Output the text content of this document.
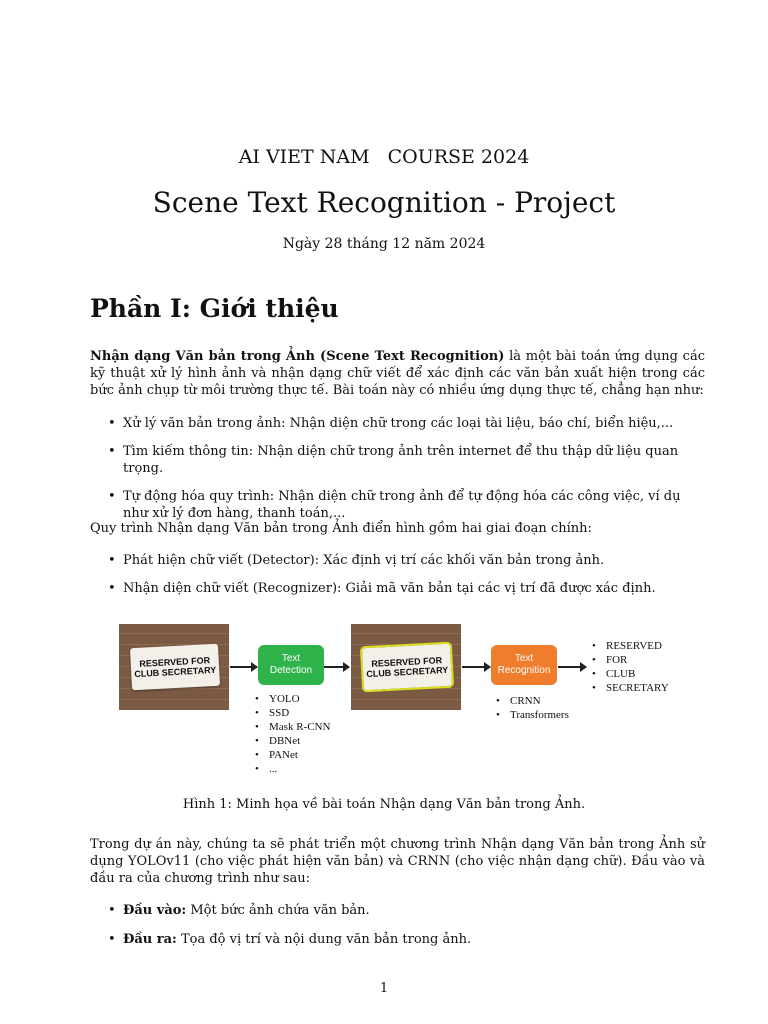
AI VIET NAM COURSE 2024
Scene Text Recognition - Project
Ngày 28 tháng 12 năm 2024
Phần I: Giới thiệu
Nhận dạng Văn bản trong Ảnh (Scene Text Recognition) là một bài toán ứng dụng các kỹ thuật xử lý hình ảnh và nhận dạng chữ viết để xác định các văn bản xuất hiện trong các bức ảnh chụp từ môi trường thực tế. Bài toán này có nhiều ứng dụng thực tế, chẳng hạn như:
• Xử lý văn bản trong ảnh: Nhận diện chữ trong các loại tài liệu, báo chí, biển hiệu,...
• Tìm kiếm thông tin: Nhận diện chữ trong ảnh trên internet để thu thập dữ liệu quan trọng.
• Tự động hóa quy trình: Nhận diện chữ trong ảnh để tự động hóa các công việc, ví dụ như xử lý đơn hàng, thanh toán,...
Quy trình Nhận dạng Văn bản trong Ảnh điển hình gồm hai giai đoạn chính:
• Phát hiện chữ viết (Detector): Xác định vị trí các khối văn bản trong ảnh.
• Nhận diện chữ viết (Recognizer): Giải mã văn bản tại các vị trí đã được xác định.
RESERVED FOR
CLUB SECRETARY
Text
Detection
RESERVED FOR
CLUB SECRETARY
Text
Recognition
• RESERVED
• FOR
• CLUB
• SECRETARY
• YOLO
• SSD
• Mask R-CNN
• DBNet
• PANet
• ...
• CRNN
• Transformers
Hình 1: Minh họa về bài toán Nhận dạng Văn bản trong Ảnh.
Trong dự án này, chúng ta sẽ phát triển một chương trình Nhận dạng Văn bản trong Ảnh sử dụng YOLOv11 (cho việc phát hiện văn bản) và CRNN (cho việc nhận dạng chữ). Đầu vào và đầu ra của chương trình như sau:
• Đầu vào: Một bức ảnh chứa văn bản.
• Đầu ra: Tọa độ vị trí và nội dung văn bản trong ảnh.
1
